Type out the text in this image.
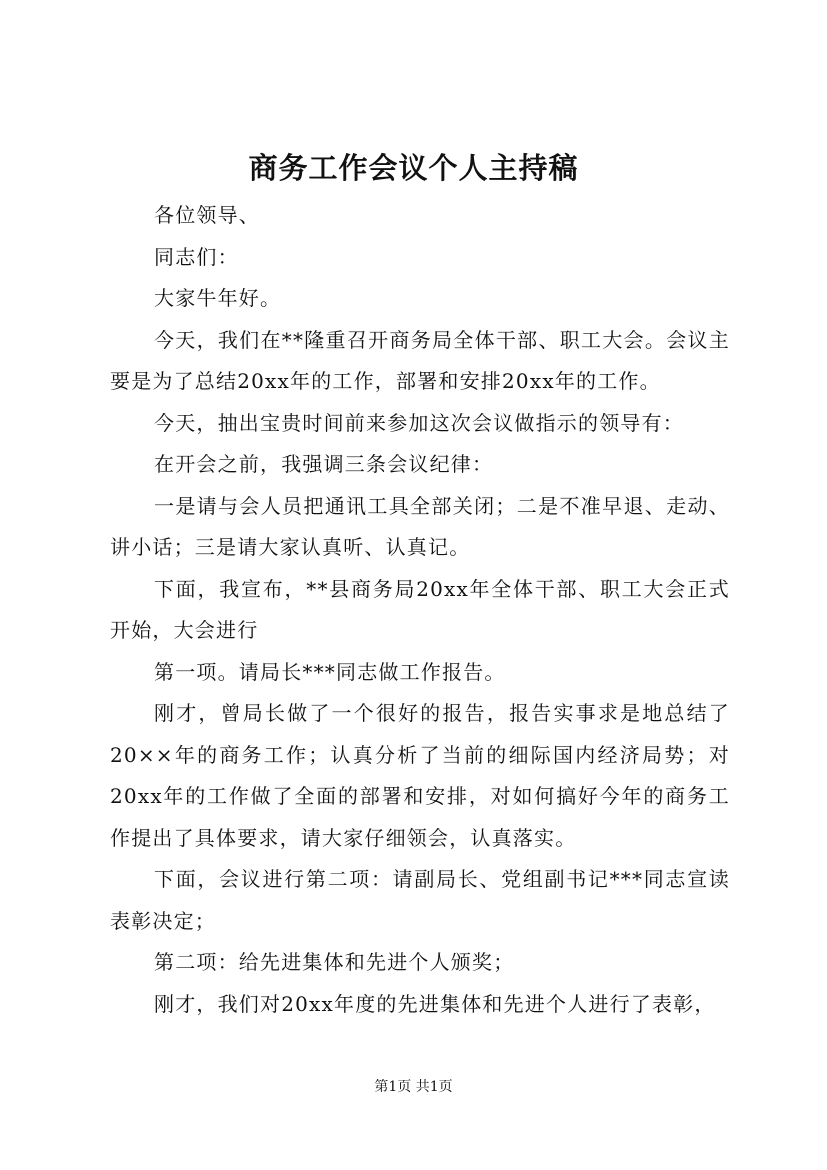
商务工作会议个人主持稿

各位领导、

同志们：

大家牛年好。

今天，我们在**隆重召开商务局全体干部、职工大会。会议主要是为了总结20xx年的工作，部署和安排20xx年的工作。

今天，抽出宝贵时间前来参加这次会议做指示的领导有：

在开会之前，我强调三条会议纪律：

一是请与会人员把通讯工具全部关闭；二是不准早退、走动、讲小话；三是请大家认真听、认真记。

下面，我宣布，**县商务局20xx年全体干部、职工大会正式开始，大会进行

第一项。请局长***同志做工作报告。

刚才，曾局长做了一个很好的报告，报告实事求是地总结了20××年的商务工作；认真分析了当前的细际国内经济局势；对20xx年的工作做了全面的部署和安排，对如何搞好今年的商务工作提出了具体要求，请大家仔细领会，认真落实。

下面，会议进行第二项：请副局长、党组副书记***同志宣读表彰决定；

第二项：给先进集体和先进个人颁奖；

刚才，我们对20xx年度的先进集体和先进个人进行了表彰，

第1页 共1页
